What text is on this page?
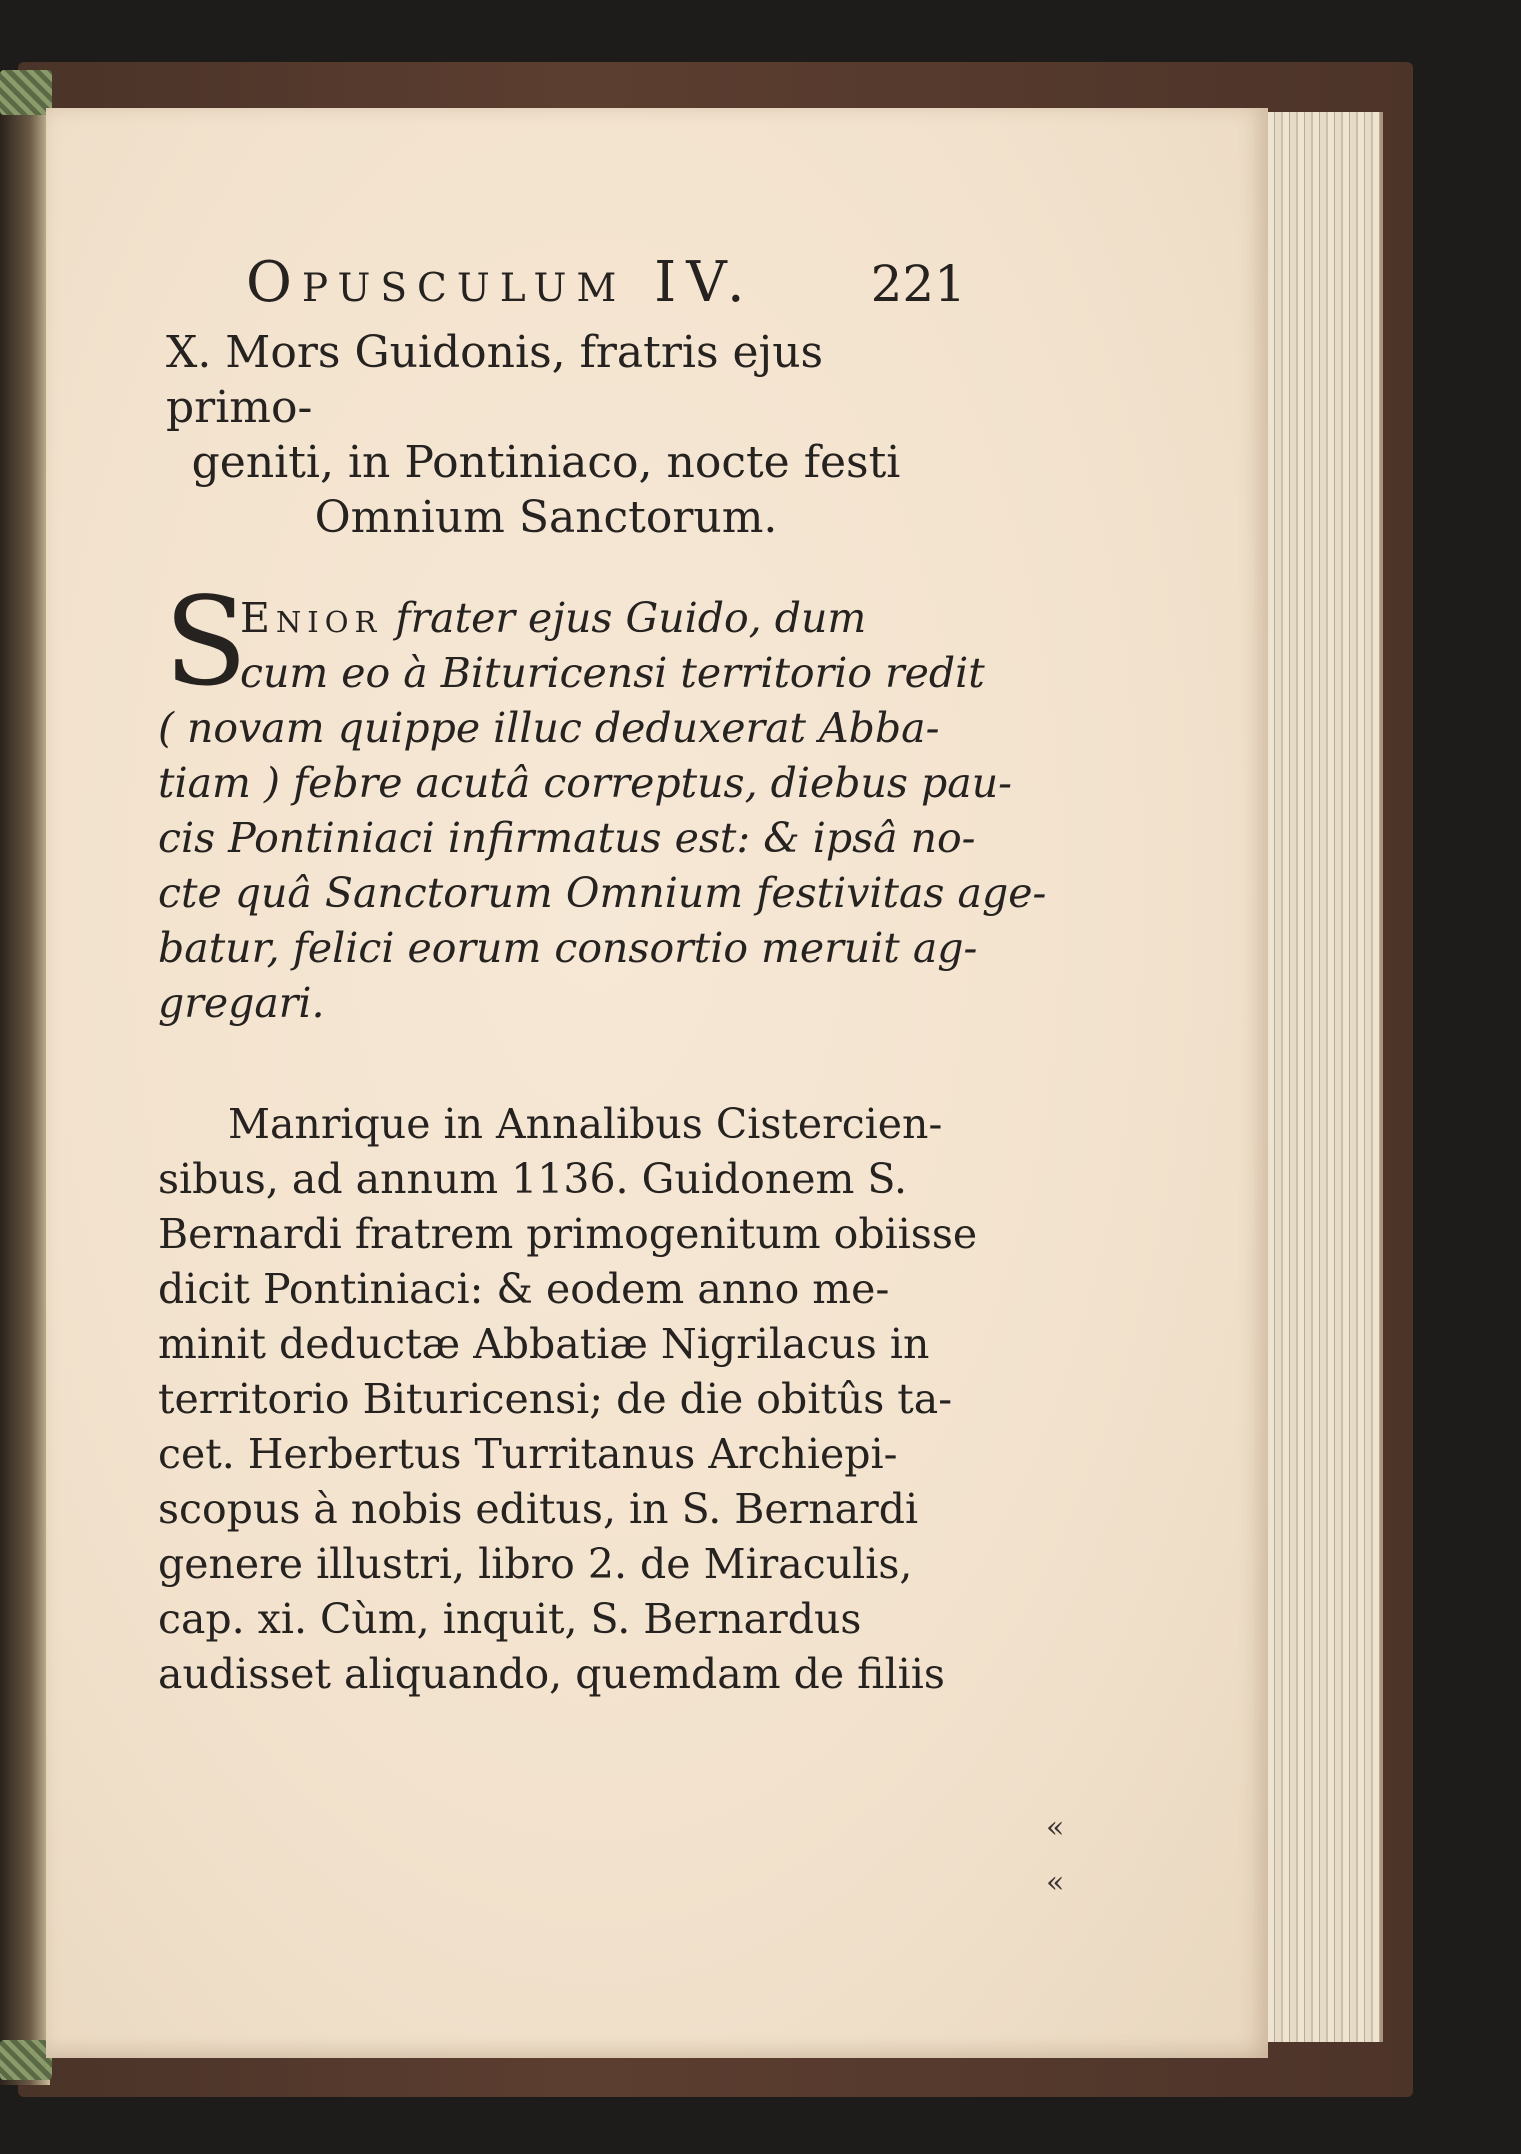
Opusculum IV. 221
X. Mors Guidonis, fratris ejus primo-
geniti, in Pontiniaco, nocte festi
Omnium Sanctorum.
S
Enior frater ejus Guido, dum
cum eo à Bituricensi territorio redit
( novam quippe illuc deduxerat Abba-
tiam ) febre acutâ correptus, diebus pau-
cis Pontiniaci infirmatus est: & ipsâ no-
cte quâ Sanctorum Omnium festivitas age-
batur, felici eorum consortio meruit ag-
gregari.
Manrique in Annalibus Cistercien-
sibus, ad annum 1136. Guidonem S.
Bernardi fratrem primogenitum obiisse
dicit Pontiniaci: & eodem anno me-
minit deductæ Abbatiæ Nigrilacus in
territorio Bituricensi; de die obitûs ta-
cet. Herbertus Turritanus Archiepi-
scopus à nobis editus, in S. Bernardi
genere illustri, libro 2. de Miraculis,
cap. xi. Cùm, inquit, S. Bernardus
audisset aliquando, quemdam de filiis
«
«
